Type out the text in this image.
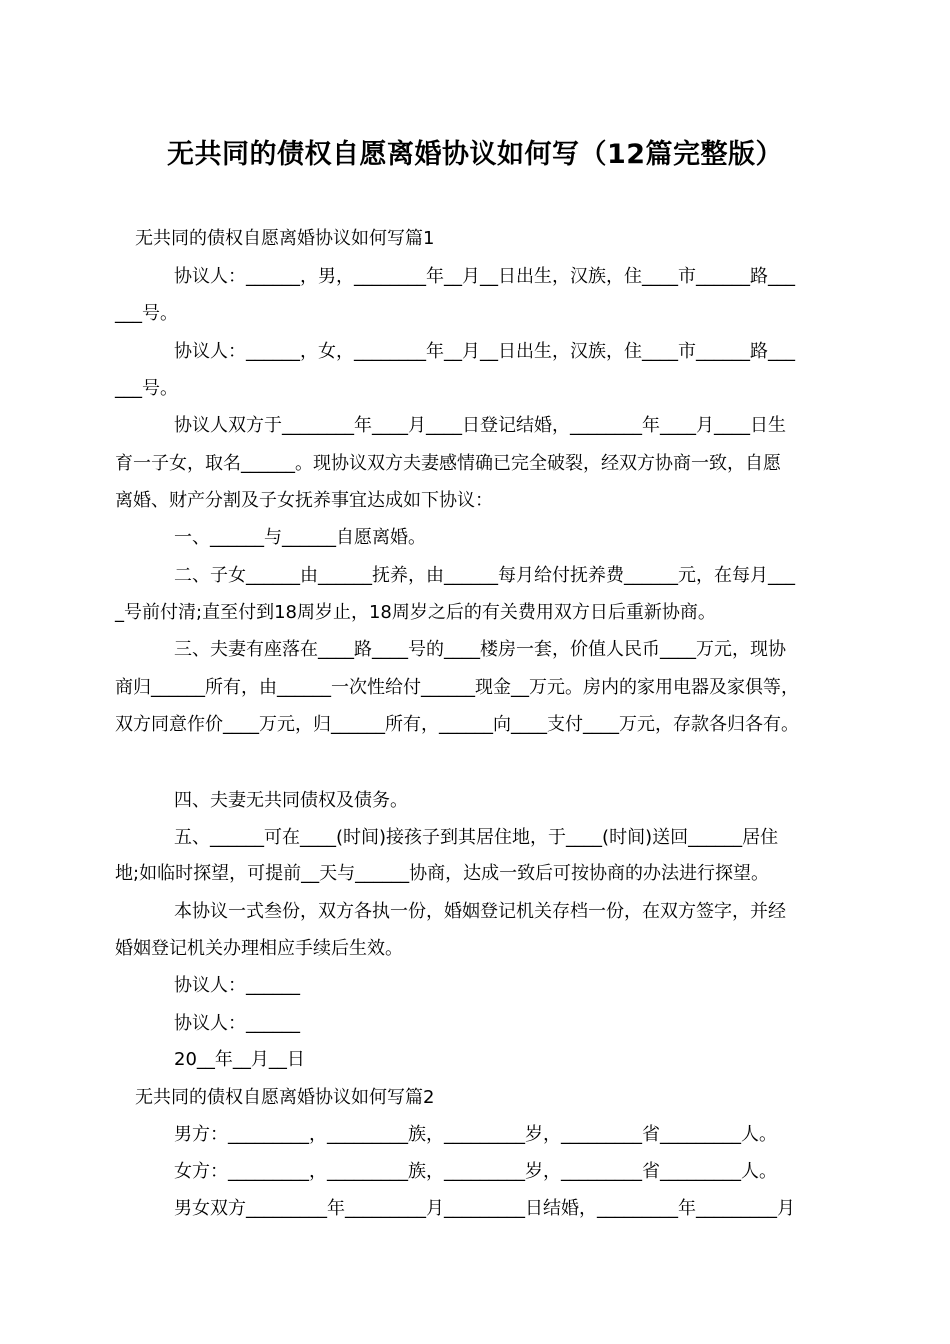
无共同的债权自愿离婚协议如何写（12篇完整版）
无共同的债权自愿离婚协议如何写篇1
协议人：______，男，________年__月__日出生，汉族，住____市______路___
___号。
协议人：______，女，________年__月__日出生，汉族，住____市______路___
___号。
协议人双方于________年____月____日登记结婚，________年____月____日生
育一子女，取名______。现协议双方夫妻感情确已完全破裂，经双方协商一致，自愿
离婚、财产分割及子女抚养事宜达成如下协议：
一、______与______自愿离婚。
二、子女______由______抚养，由______每月给付抚养费______元，在每月___
_号前付清;直至付到18周岁止，18周岁之后的有关费用双方日后重新协商。
三、夫妻有座落在____路____号的____楼房一套，价值人民币____万元，现协
商归______所有，由______一次性给付______现金__万元。房内的家用电器及家俱等，
双方同意作价____万元，归______所有，______向____支付____万元，存款各归各有。
四、夫妻无共同债权及债务。
五、______可在____(时间)接孩子到其居住地，于____(时间)送回______居住
地;如临时探望，可提前__天与______协商，达成一致后可按协商的办法进行探望。
本协议一式叁份，双方各执一份，婚姻登记机关存档一份，在双方签字，并经
婚姻登记机关办理相应手续后生效。
协议人：______
协议人：______
20__年__月__日
无共同的债权自愿离婚协议如何写篇2
男方：_________，_________族，_________岁，_________省_________人。
女方：_________，_________族，_________岁，_________省_________人。
男女双方_________年_________月_________日结婚，_________年_________月
